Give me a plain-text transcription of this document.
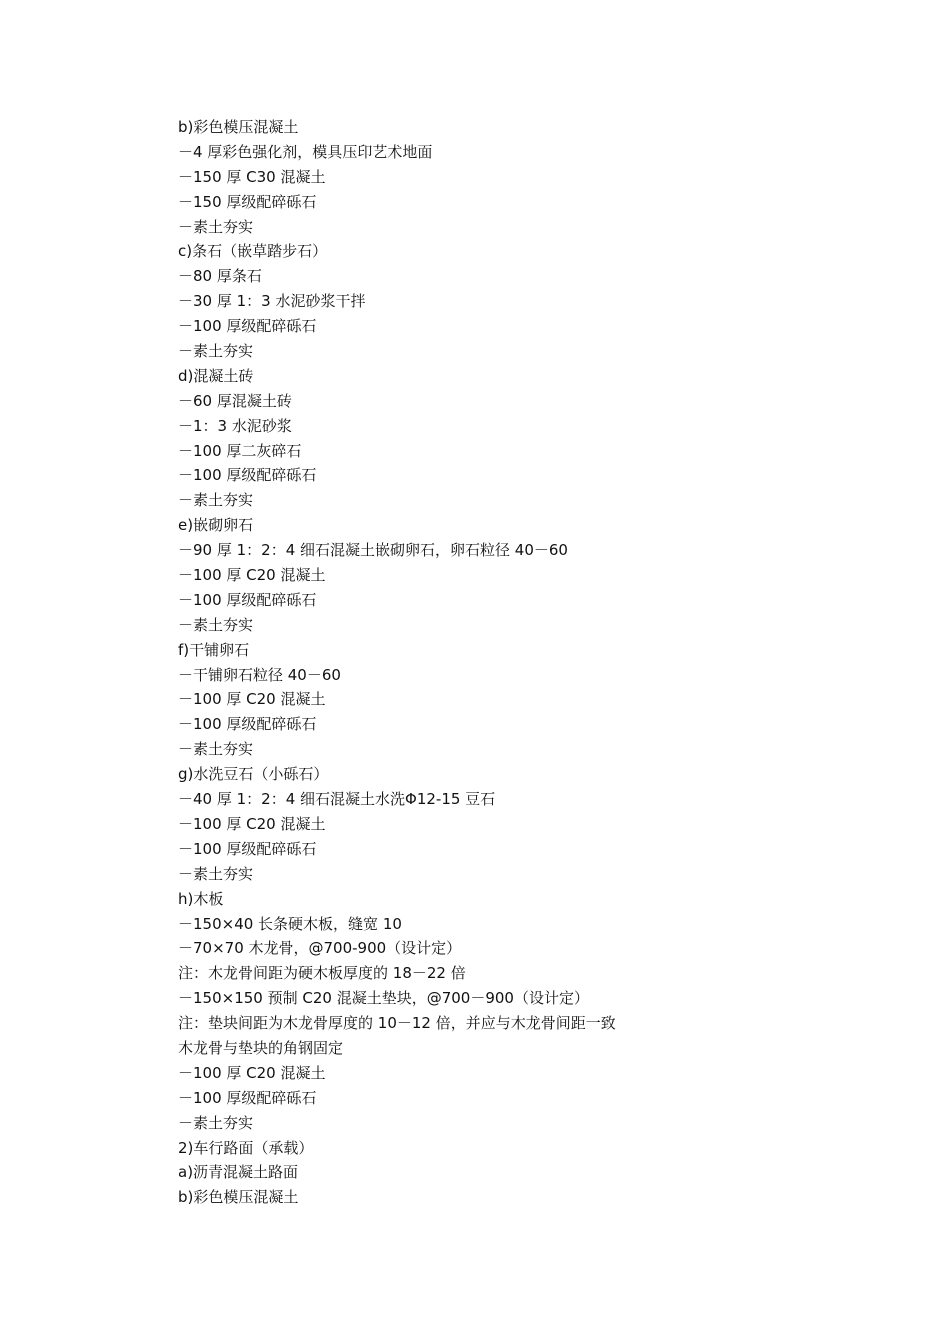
b)彩色模压混凝土
－4 厚彩色强化剂，模具压印艺术地面
－150 厚 C30 混凝土
－150 厚级配碎砾石
－素土夯实
c)条石（嵌草踏步石）
－80 厚条石
－30 厚 1：3 水泥砂浆干拌
－100 厚级配碎砾石
－素土夯实
d)混凝土砖
－60 厚混凝土砖
－1：3 水泥砂浆
－100 厚二灰碎石
－100 厚级配碎砾石
－素土夯实
e)嵌砌卵石
－90 厚 1：2：4 细石混凝土嵌砌卵石，卵石粒径 40－60
－100 厚 C20 混凝土
－100 厚级配碎砾石
－素土夯实
f)干铺卵石
－干铺卵石粒径 40－60
－100 厚 C20 混凝土
－100 厚级配碎砾石
－素土夯实
g)水洗豆石（小砾石）
－40 厚 1：2：4 细石混凝土水洗Φ12-15 豆石
－100 厚 C20 混凝土
－100 厚级配碎砾石
－素土夯实
h)木板
－150×40 长条硬木板，缝宽 10
－70×70 木龙骨，@700-900（设计定）
注：木龙骨间距为硬木板厚度的 18－22 倍
－150×150 预制 C20 混凝土垫块，@700－900（设计定）
注：垫块间距为木龙骨厚度的 10－12 倍，并应与木龙骨间距一致
木龙骨与垫块的角钢固定
－100 厚 C20 混凝土
－100 厚级配碎砾石
－素土夯实
2)车行路面（承载）
a)沥青混凝土路面
b)彩色模压混凝土
